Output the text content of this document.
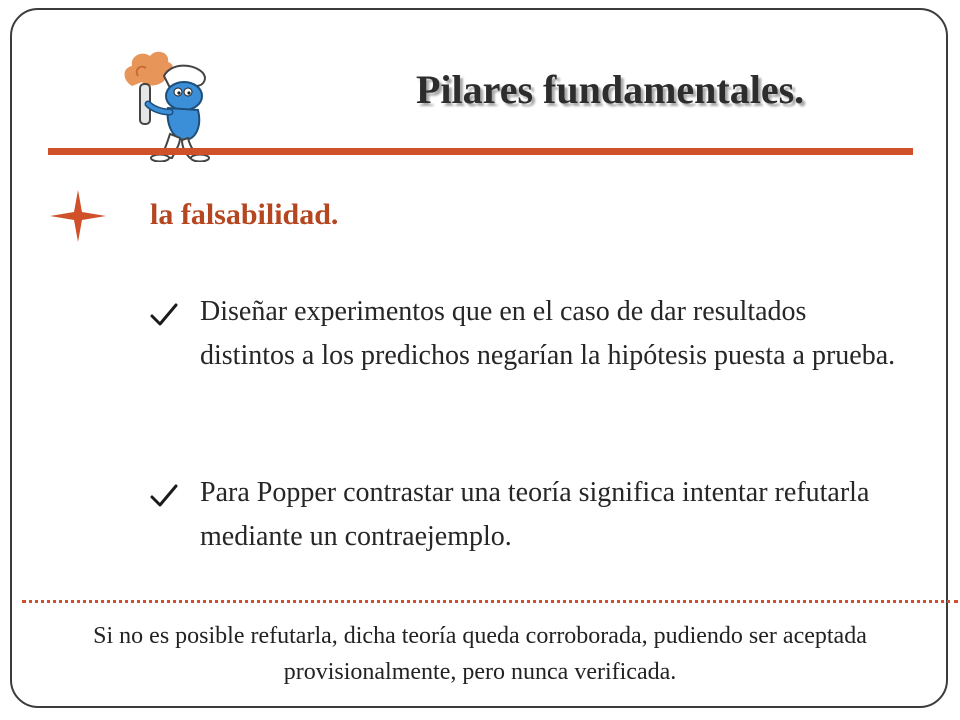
Pilares fundamentales.
la falsabilidad.
Diseñar experimentos que en el caso de dar resultados distintos a los predichos negarían la hipótesis puesta a prueba.
Para Popper contrastar una teoría significa intentar refutarla mediante un contraejemplo.
Si no es posible refutarla, dicha teoría queda corroborada, pudiendo ser aceptada provisionalmente, pero nunca verificada.
